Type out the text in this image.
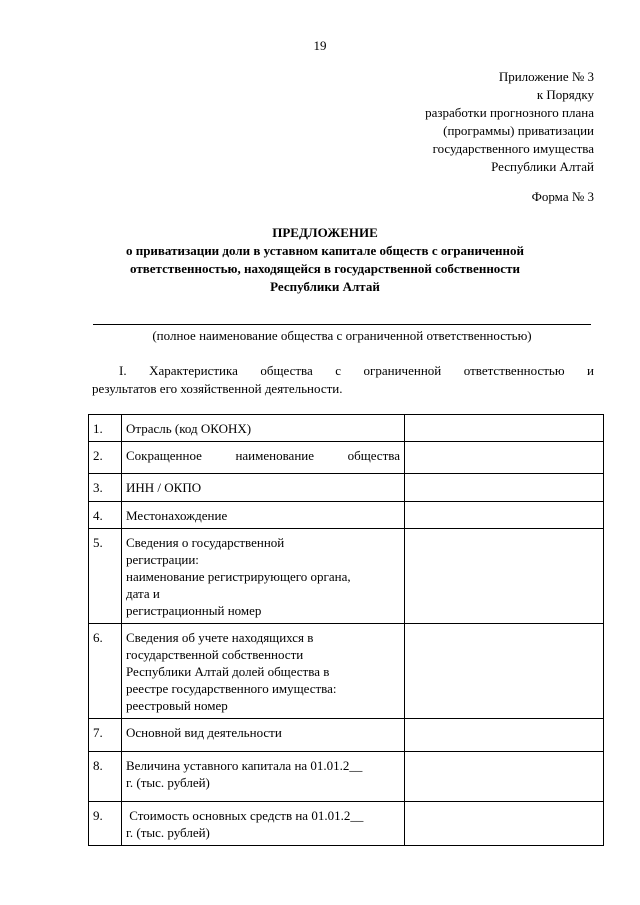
19
Приложение № 3
к Порядку
разработки прогнозного плана
(программы) приватизации
государственного имущества
Республики Алтай
Форма № 3
ПРЕДЛОЖЕНИЕ
о приватизации доли в уставном капитале обществ с ограниченной
ответственностью, находящейся в государственной собственности
Республики Алтай
(полное наименование общества с ограниченной ответственностью)
I. Характеристика общества с ограниченной ответственностью и
результатов его хозяйственной деятельности.
1.	Отрасль (код ОКОНХ)	

2.	Сокращенное наименование общества	

3.	ИНН / ОКПО	

4.	Местонахождение	

5.	Сведения о государственной
регистрации:
наименование регистрирующего органа,
дата и
регистрационный номер	

6.	Сведения об учете находящихся в
государственной собственности
Республики Алтай долей общества в
реестре государственного имущества:
реестровый номер	

7.	Основной вид деятельности	

8.	Величина уставного капитала на 01.01.2__
г. (тыс. рублей)	

9.	Стоимость основных средств на 01.01.2__
г. (тыс. рублей)	
